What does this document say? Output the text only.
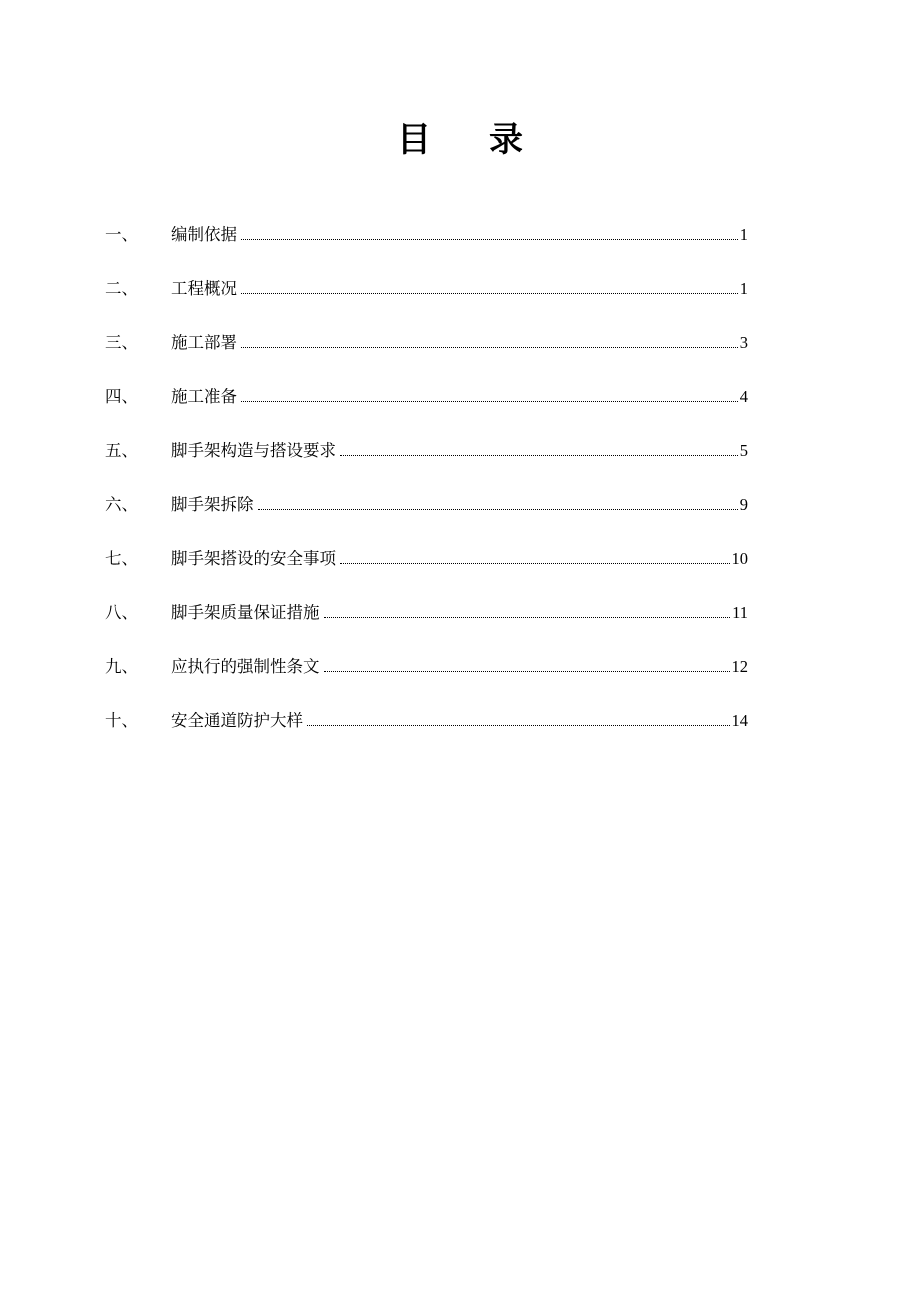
目 录
一、	编制依据	1
二、	工程概况	1
三、	施工部署	3
四、	施工准备	4
五、	脚手架构造与搭设要求	5
六、	脚手架拆除	9
七、	脚手架搭设的安全事项	10
八、	脚手架质量保证措施	11
九、	应执行的强制性条文	12
十、	安全通道防护大样	14
